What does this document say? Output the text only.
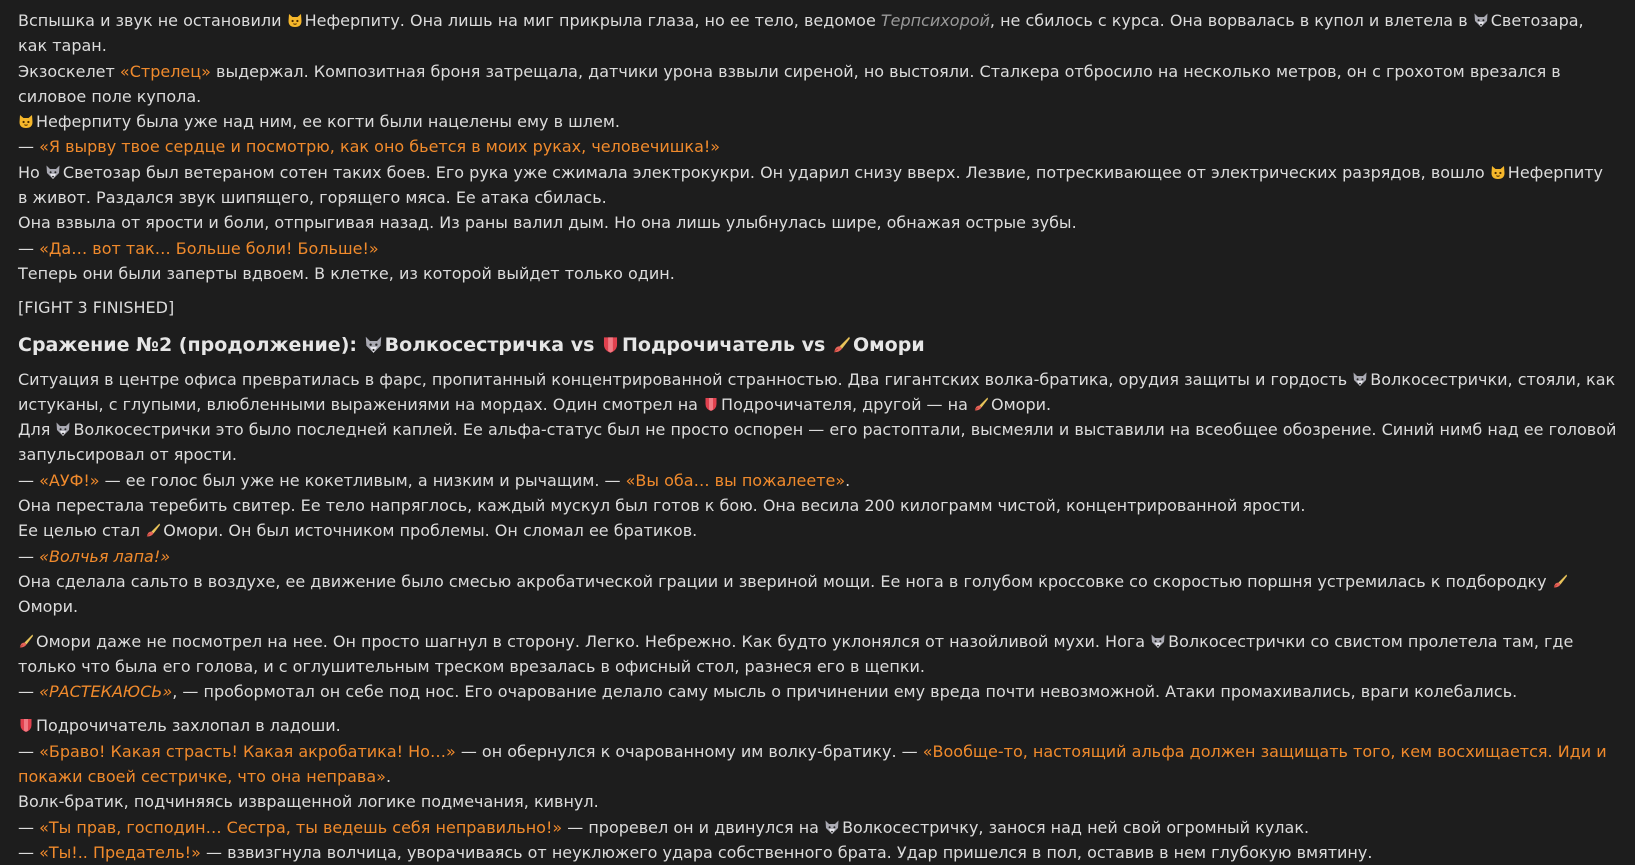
Вспышка и звук не остановили Неферпиту. Она лишь на миг прикрыла глаза, но ее тело, ведомое Терпсихорой, не сбилось с курса. Она ворвалась в купол и влетела в Светозара, как таран.

Экзоскелет «Стрелец» выдержал. Композитная броня затрещала, датчики урона взвыли сиреной, но выстояли. Сталкера отбросило на несколько метров, он с грохотом врезался в силовое поле купола.

Неферпиту была уже над ним, ее когти были нацелены ему в шлем.

— «Я вырву твое сердце и посмотрю, как оно бьется в моих руках, человечишка!»

Но Светозар был ветераном сотен таких боев. Его рука уже сжимала электрокукри. Он ударил снизу вверх. Лезвие, потрескивающее от электрических разрядов, вошло Неферпиту в живот. Раздался звук шипящего, горящего мяса. Ее атака сбилась.

Она взвыла от ярости и боли, отпрыгивая назад. Из раны валил дым. Но она лишь улыбнулась шире, обнажая острые зубы.

— «Да… вот так… Больше боли! Больше!»

Теперь они были заперты вдвоем. В клетке, из которой выйдет только один.

[FIGHT 3 FINISHED]

Сражение №2 (продолжение): Волкосестричка vs Подрочичатель vs Омори

Ситуация в центре офиса превратилась в фарс, пропитанный концентрированной странностью. Два гигантских волка-братика, орудия защиты и гордость Волкосестрички, стояли, как истуканы, с глупыми, влюбленными выражениями на мордах. Один смотрел на Подрочичателя, другой — на Омори.

Для Волкосестрички это было последней каплей. Ее альфа-статус был не просто оспорен — его растоптали, высмеяли и выставили на всеобщее обозрение. Синий нимб над ее головой запульсировал от ярости.

— «АУФ!» — ее голос был уже не кокетливым, а низким и рычащим. — «Вы оба… вы пожалеете».

Она перестала теребить свитер. Ее тело напряглось, каждый мускул был готов к бою. Она весила 200 килограмм чистой, концентрированной ярости.

Ее целью стал Омори. Он был источником проблемы. Он сломал ее братиков.

— «Волчья лапа!»

Она сделала сальто в воздухе, ее движение было смесью акробатической грации и звериной мощи. Ее нога в голубом кроссовке со скоростью поршня устремилась к подбородку Омори.

Омори даже не посмотрел на нее. Он просто шагнул в сторону. Легко. Небрежно. Как будто уклонялся от назойливой мухи. Нога Волкосестрички со свистом пролетела там, где только что была его голова, и с оглушительным треском врезалась в офисный стол, разнеся его в щепки.

— «РАСТЕКАЮСЬ», — пробормотал он себе под нос. Его очарование делало саму мысль о причинении ему вреда почти невозможной. Атаки промахивались, враги колебались.

Подрочичатель захлопал в ладоши.

— «Браво! Какая страсть! Какая акробатика! Но…» — он обернулся к очарованному им волку-братику. — «Вообще-то, настоящий альфа должен защищать того, кем восхищается. Иди и покажи своей сестричке, что она неправа».

Волк-братик, подчиняясь извращенной логике подмечания, кивнул.

— «Ты прав, господин… Сестра, ты ведешь себя неправильно!» — проревел он и двинулся на Волкосестричку, занося над ней свой огромный кулак.

— «Ты!.. Предатель!» — взвизгнула волчица, уворачиваясь от неуклюжего удара собственного брата. Удар пришелся в пол, оставив в нем глубокую вмятину.
